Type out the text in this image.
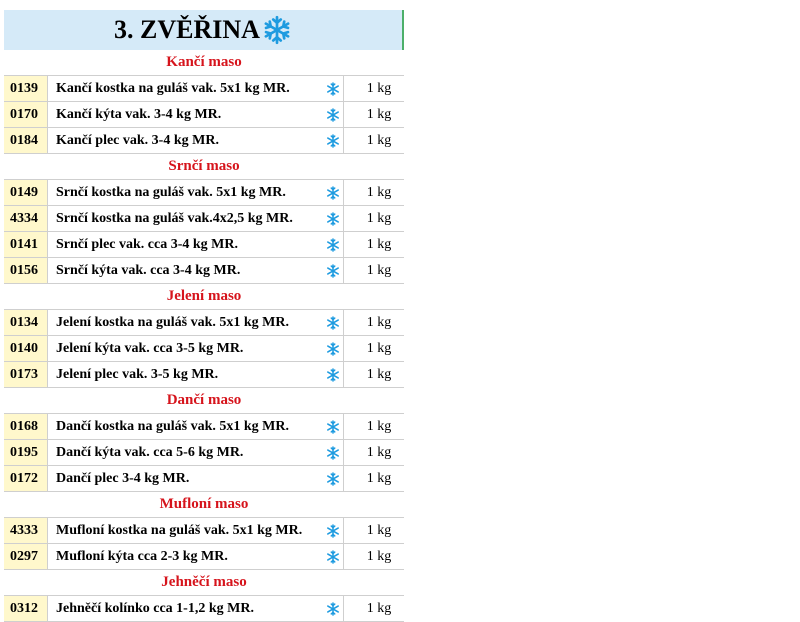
3. ZVĚŘINA
Kančí maso
0139	Kančí kostka na guláš vak. 5x1 kg MR.	1 kg
0170	Kančí kýta vak. 3-4 kg MR.	1 kg
0184	Kančí plec vak. 3-4 kg MR.	1 kg
Srnčí maso
0149	Srnčí kostka na guláš vak. 5x1 kg MR.	1 kg
4334	Srnčí kostka na guláš vak.4x2,5 kg MR.	1 kg
0141	Srnčí plec vak. cca 3-4 kg MR.	1 kg
0156	Srnčí kýta vak. cca 3-4 kg MR.	1 kg
Jelení maso
0134	Jelení kostka na guláš vak. 5x1 kg MR.	1 kg
0140	Jelení kýta vak. cca 3-5 kg MR.	1 kg
0173	Jelení plec vak. 3-5 kg MR.	1 kg
Dančí maso
0168	Dančí kostka na guláš vak. 5x1 kg MR.	1 kg
0195	Dančí kýta vak. cca 5-6 kg MR.	1 kg
0172	Dančí plec 3-4 kg MR.	1 kg
Mufloní maso
4333	Mufloní kostka na guláš vak. 5x1 kg MR.	1 kg
0297	Mufloní kýta cca 2-3 kg MR.	1 kg
Jehněčí maso
0312	Jehněčí kolínko cca 1-1,2 kg MR.	1 kg
